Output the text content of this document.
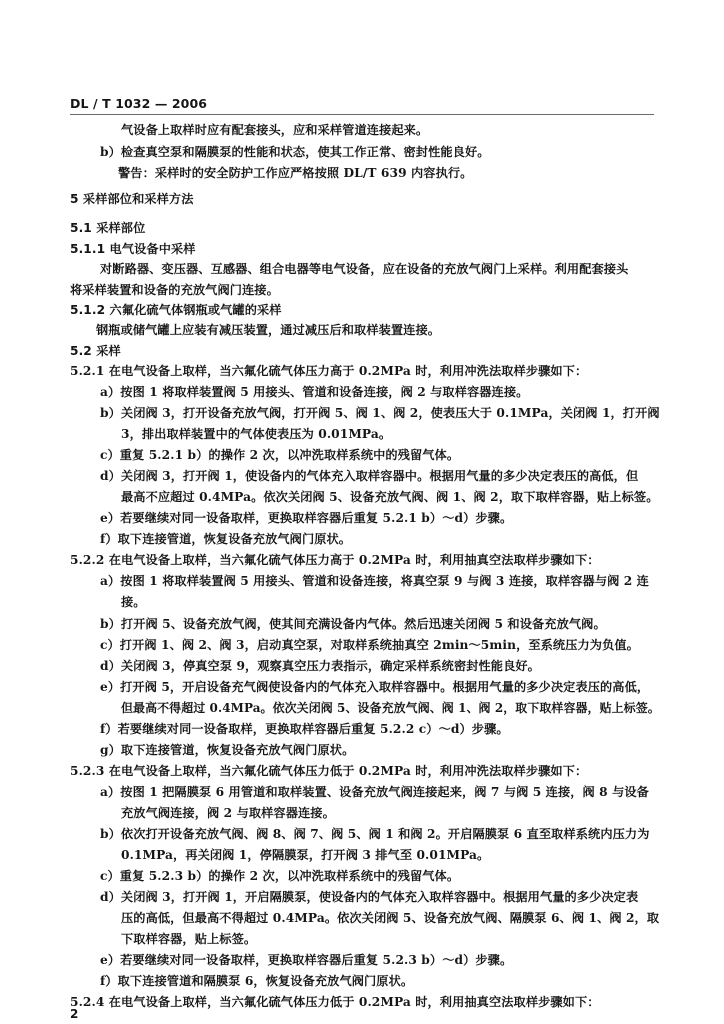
DL / T 1032 — 2006
气设备上取样时应有配套接头，应和采样管道连接起来。
b）检查真空泵和隔膜泵的性能和状态，使其工作正常、密封性能良好。
警告：采样时的安全防护工作应严格按照 DL/T 639 内容执行。
5 采样部位和采样方法
5.1 采样部位
5.1.1 电气设备中采样
对断路器、变压器、互感器、组合电器等电气设备，应在设备的充放气阀门上采样。利用配套接头
将采样装置和设备的充放气阀门连接。
5.1.2 六氟化硫气体钢瓶或气罐的采样
钢瓶或储气罐上应装有减压装置，通过减压后和取样装置连接。
5.2 采样
5.2.1 在电气设备上取样，当六氟化硫气体压力高于 0.2MPa 时，利用冲洗法取样步骤如下：
a）按图 1 将取样装置阀 5 用接头、管道和设备连接，阀 2 与取样容器连接。
b）关闭阀 3，打开设备充放气阀，打开阀 5、阀 1、阀 2，使表压大于 0.1MPa，关闭阀 1，打开阀
3，排出取样装置中的气体使表压为 0.01MPa。
c）重复 5.2.1 b）的操作 2 次，以冲洗取样系统中的残留气体。
d）关闭阀 3，打开阀 1，使设备内的气体充入取样容器中。根据用气量的多少决定表压的高低，但
最高不应超过 0.4MPa。依次关闭阀 5、设备充放气阀、阀 1、阀 2，取下取样容器，贴上标签。
e）若要继续对同一设备取样，更换取样容器后重复 5.2.1 b）～d）步骤。
f）取下连接管道，恢复设备充放气阀门原状。
5.2.2 在电气设备上取样，当六氟化硫气体压力高于 0.2MPa 时，利用抽真空法取样步骤如下：
a）按图 1 将取样装置阀 5 用接头、管道和设备连接，将真空泵 9 与阀 3 连接，取样容器与阀 2 连
接。
b）打开阀 5、设备充放气阀，使其间充满设备内气体。然后迅速关闭阀 5 和设备充放气阀。
c）打开阀 1、阀 2、阀 3，启动真空泵，对取样系统抽真空 2min～5min，至系统压力为负值。
d）关闭阀 3，停真空泵 9，观察真空压力表指示，确定采样系统密封性能良好。
e）打开阀 5，开启设备充气阀使设备内的气体充入取样容器中。根据用气量的多少决定表压的高低，
但最高不得超过 0.4MPa。依次关闭阀 5、设备充放气阀、阀 1、阀 2，取下取样容器，贴上标签。
f）若要继续对同一设备取样，更换取样容器后重复 5.2.2 c）～d）步骤。
g）取下连接管道，恢复设备充放气阀门原状。
5.2.3 在电气设备上取样，当六氟化硫气体压力低于 0.2MPa 时，利用冲洗法取样步骤如下：
a）按图 1 把隔膜泵 6 用管道和取样装置、设备充放气阀连接起来，阀 7 与阀 5 连接，阀 8 与设备
充放气阀连接，阀 2 与取样容器连接。
b）依次打开设备充放气阀、阀 8、阀 7、阀 5、阀 1 和阀 2。开启隔膜泵 6 直至取样系统内压力为
0.1MPa，再关闭阀 1，停隔膜泵，打开阀 3 排气至 0.01MPa。
c）重复 5.2.3 b）的操作 2 次，以冲洗取样系统中的残留气体。
d）关闭阀 3，打开阀 1，开启隔膜泵，使设备内的气体充入取样容器中。根据用气量的多少决定表
压的高低，但最高不得超过 0.4MPa。依次关闭阀 5、设备充放气阀、隔膜泵 6、阀 1、阀 2，取
下取样容器，贴上标签。
e）若要继续对同一设备取样，更换取样容器后重复 5.2.3 b）～d）步骤。
f）取下连接管道和隔膜泵 6，恢复设备充放气阀门原状。
5.2.4 在电气设备上取样，当六氟化硫气体压力低于 0.2MPa 时，利用抽真空法取样步骤如下：
2
